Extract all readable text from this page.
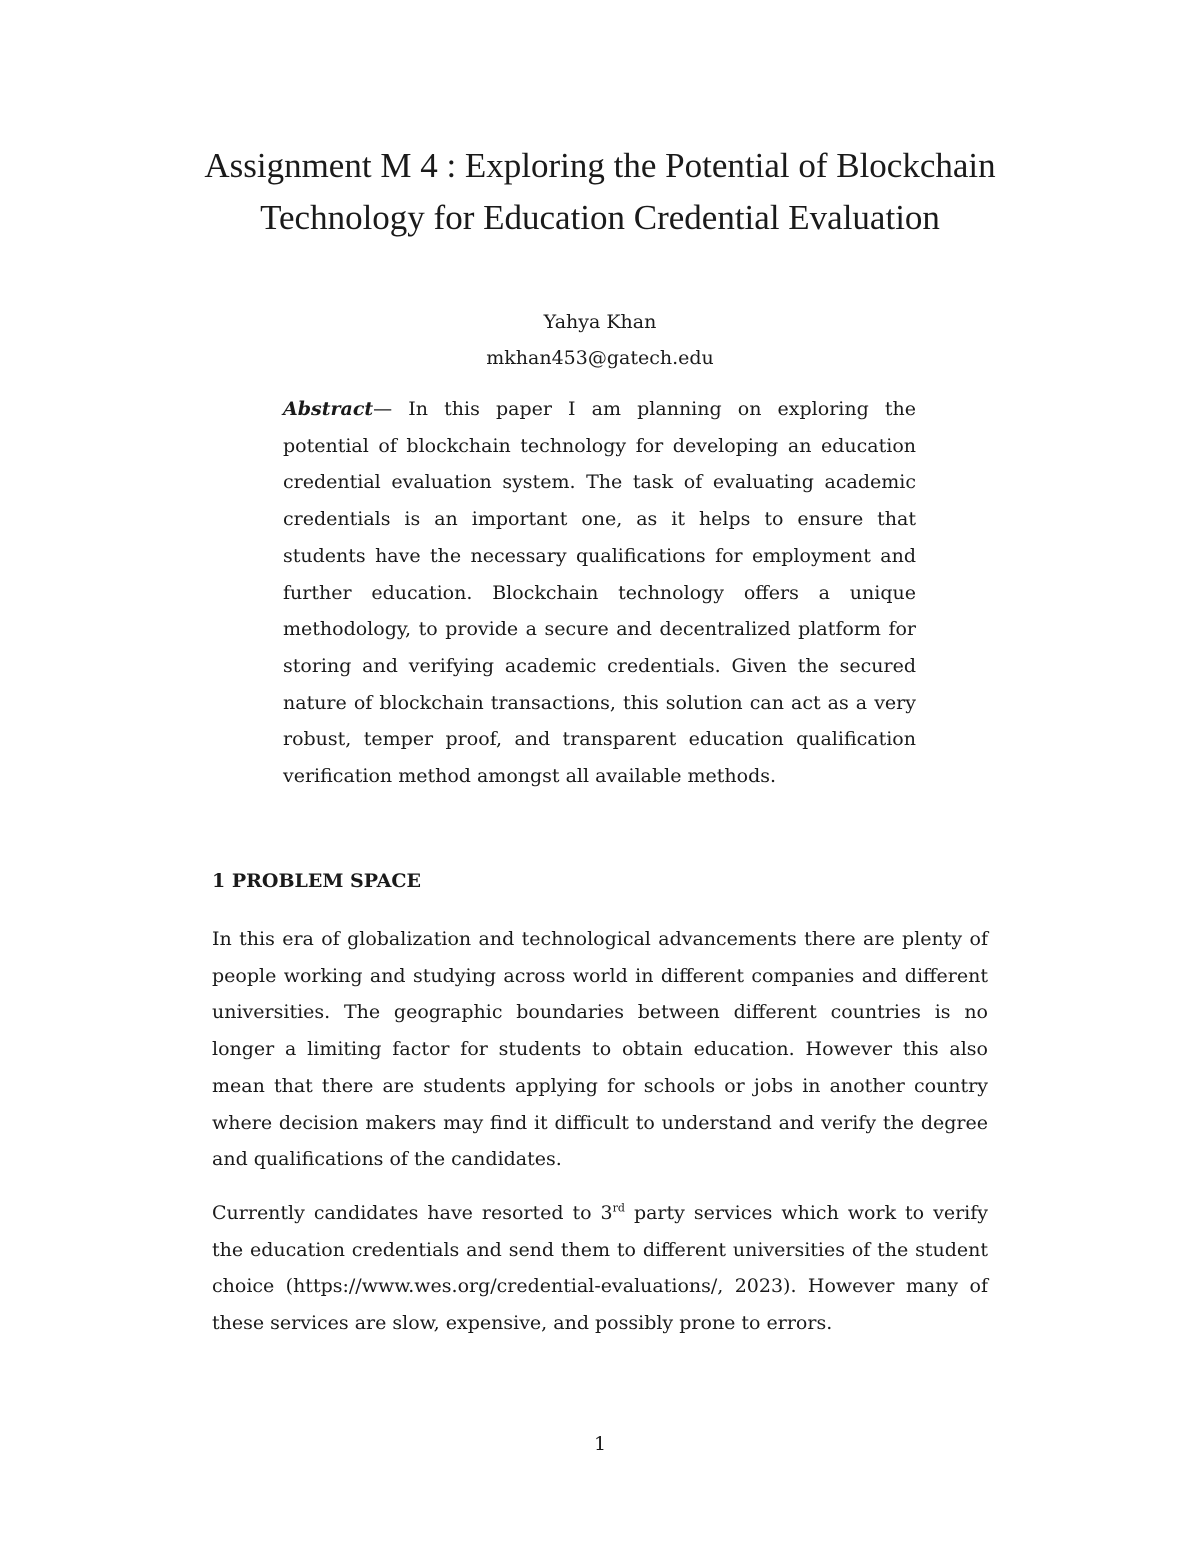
Assignment M 4 : Exploring the Potential of Blockchain Technology for Education Credential Evaluation

Yahya Khan

mkhan453@gatech.edu

Abstract— In this paper I am planning on exploring the potential of blockchain technology for developing an education credential evaluation system. The task of evaluating academic credentials is an important one, as it helps to ensure that students have the necessary qualifications for employment and further education. Blockchain technology offers a unique methodology, to provide a secure and decentralized platform for storing and verifying academic credentials. Given the secured nature of blockchain transactions, this solution can act as a very robust, temper proof, and transparent education qualification verification method amongst all available methods.

1 PROBLEM SPACE

In this era of globalization and technological advancements there are plenty of people working and studying across world in different companies and different universities. The geographic boundaries between different countries is no longer a limiting factor for students to obtain education. However this also mean that there are students applying for schools or jobs in another country where decision makers may find it difficult to understand and verify the degree and qualifications of the candidates.

Currently candidates have resorted to 3rd party services which work to verify the education credentials and send them to different universities of the student choice (https://www.wes.org/credential-evaluations/, 2023). However many of these services are slow, expensive, and possibly prone to errors.

1
